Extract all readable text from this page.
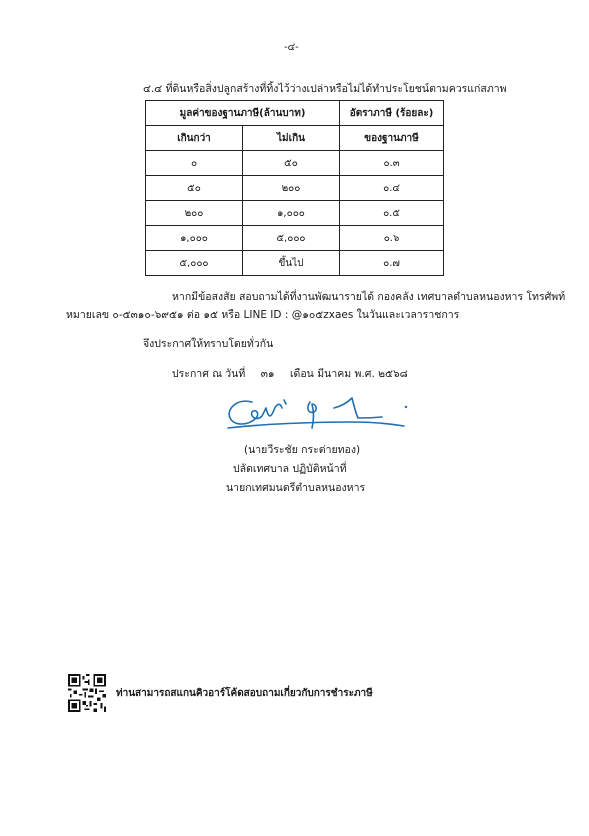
-๔-
๔.๔ ที่ดินหรือสิ่งปลูกสร้างที่ทิ้งไว้ว่างเปล่าหรือไม่ได้ทำประโยชน์ตามควรแก่สภาพ
มูลค่าของฐานภาษี(ล้านบาท)		อัตราภาษี (ร้อยละ)
เกินกว่า	ไม่เกิน	ของฐานภาษี
๐	๕๐	๐.๓
๕๐	๒๐๐	๐.๔
๒๐๐	๑,๐๐๐	๐.๕
๑,๐๐๐	๕,๐๐๐	๐.๖
๕,๐๐๐	ขึ้นไป	๐.๗
หากมีข้อสงสัย สอบถามได้ที่งานพัฒนารายได้ กองคลัง เทศบาลตำบลหนองหาร โทรศัพท์
หมายเลข ๐-๕๓๑๐-๖๙๕๑ ต่อ ๑๕ หรือ LINE ID : @๑๐๕zxaes ในวันและเวลาราชการ
จึงประกาศให้ทราบโดยทั่วกัน
ประกาศ ณ วันที่ ๓๑ เดือน มีนาคม พ.ศ. ๒๕๖๘
(นายวีระชัย กระต่ายทอง)
ปลัดเทศบาล ปฏิบัติหน้าที่
นายกเทศมนตรีตำบลหนองหาร
ท่านสามารถสแกนคิวอาร์โค้ดสอบถามเกี่ยวกับการชำระภาษี
